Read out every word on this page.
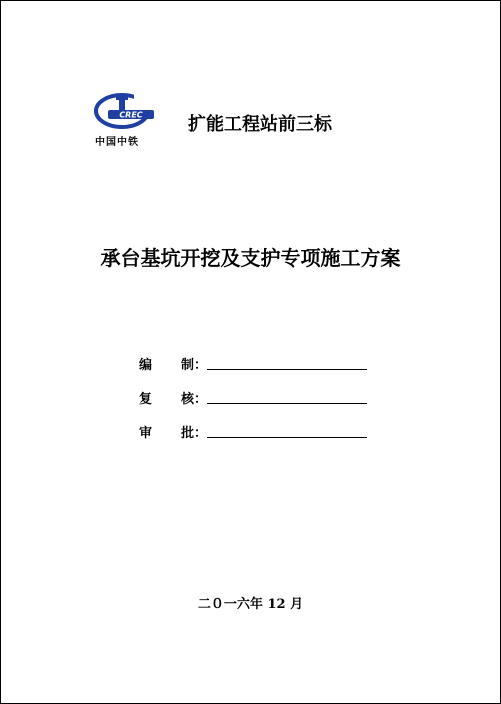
CREC
中国中铁
扩能工程站前三标
承台基坑开挖及支护专项施工方案
编 制：
复 核：
审 批：
二０一六年 12 月
